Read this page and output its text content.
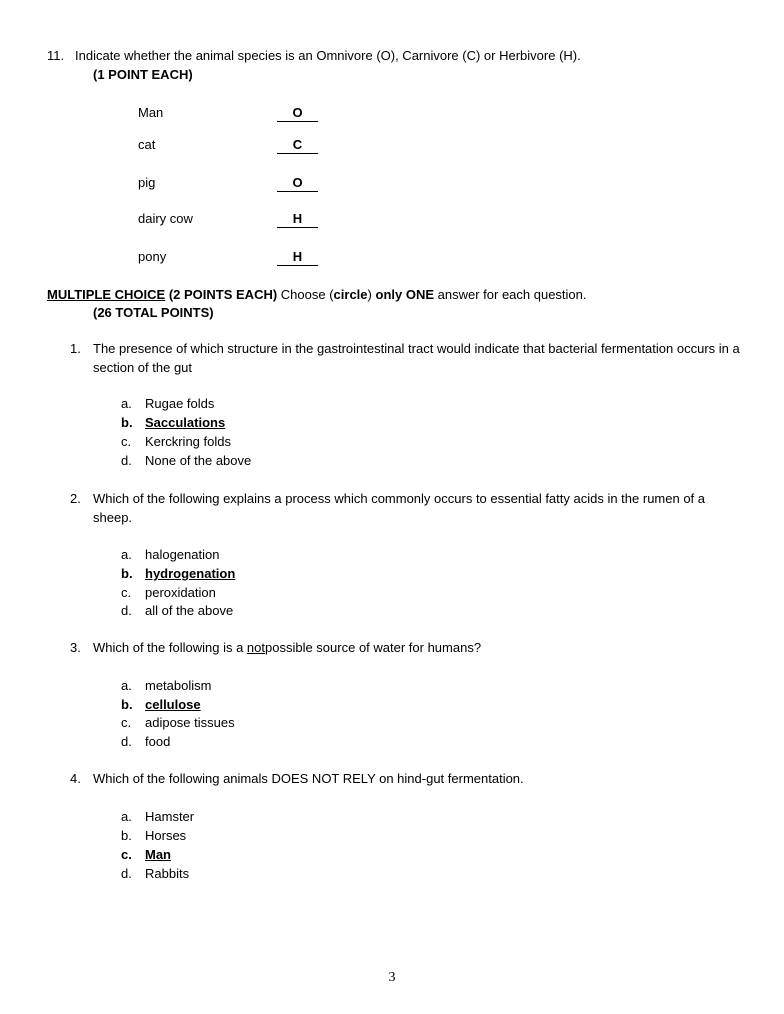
11. Indicate whether the animal species is an Omnivore (O), Carnivore (C) or Herbivore (H).
(1 POINT EACH)
Man	O
cat	C
pig	O
dairy cow	H
pony	H
MULTIPLE CHOICE (2 POINTS EACH) Choose (circle) only ONE answer for each question.
(26 TOTAL POINTS)
1. The presence of which structure in the gastrointestinal tract would indicate that bacterial fermentation occurs in a section of the gut
a. Rugae folds
b. Sacculations
c. Kerckring folds
d. None of the above
2. Which of the following explains a process which commonly occurs to essential fatty acids in the rumen of a sheep.
a. halogenation
b. hydrogenation
c. peroxidation
d. all of the above
3. Which of the following is a notpossible source of water for humans?
a. metabolism
b. cellulose
c. adipose tissues
d. food
4. Which of the following animals DOES NOT RELY on hind-gut fermentation.
a. Hamster
b. Horses
c. Man
d. Rabbits
3
